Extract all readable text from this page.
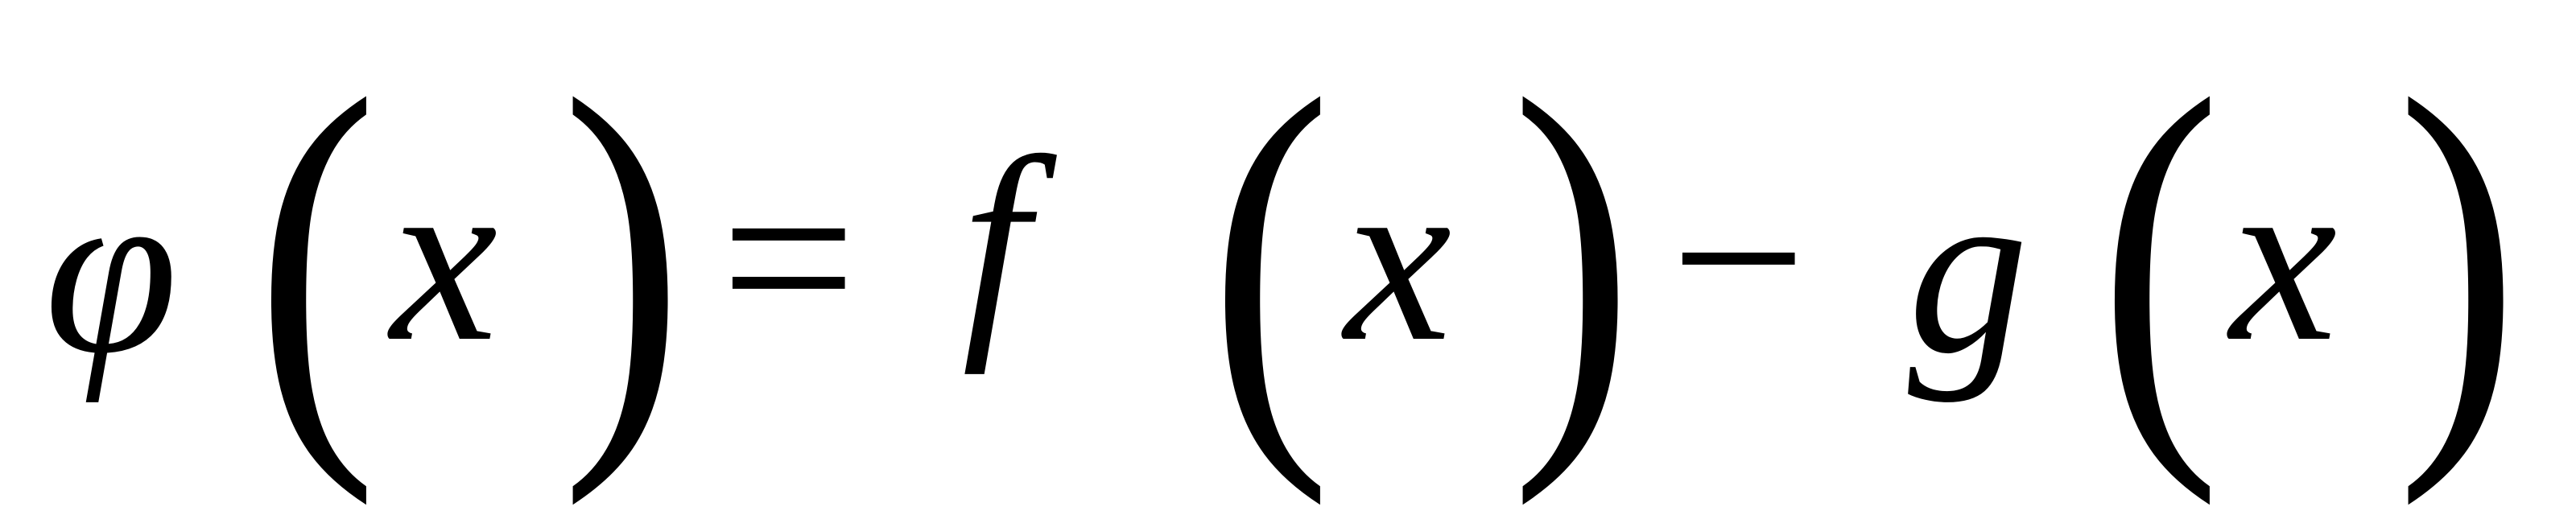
φ ( x ) = f ( x ) − g ( x )
